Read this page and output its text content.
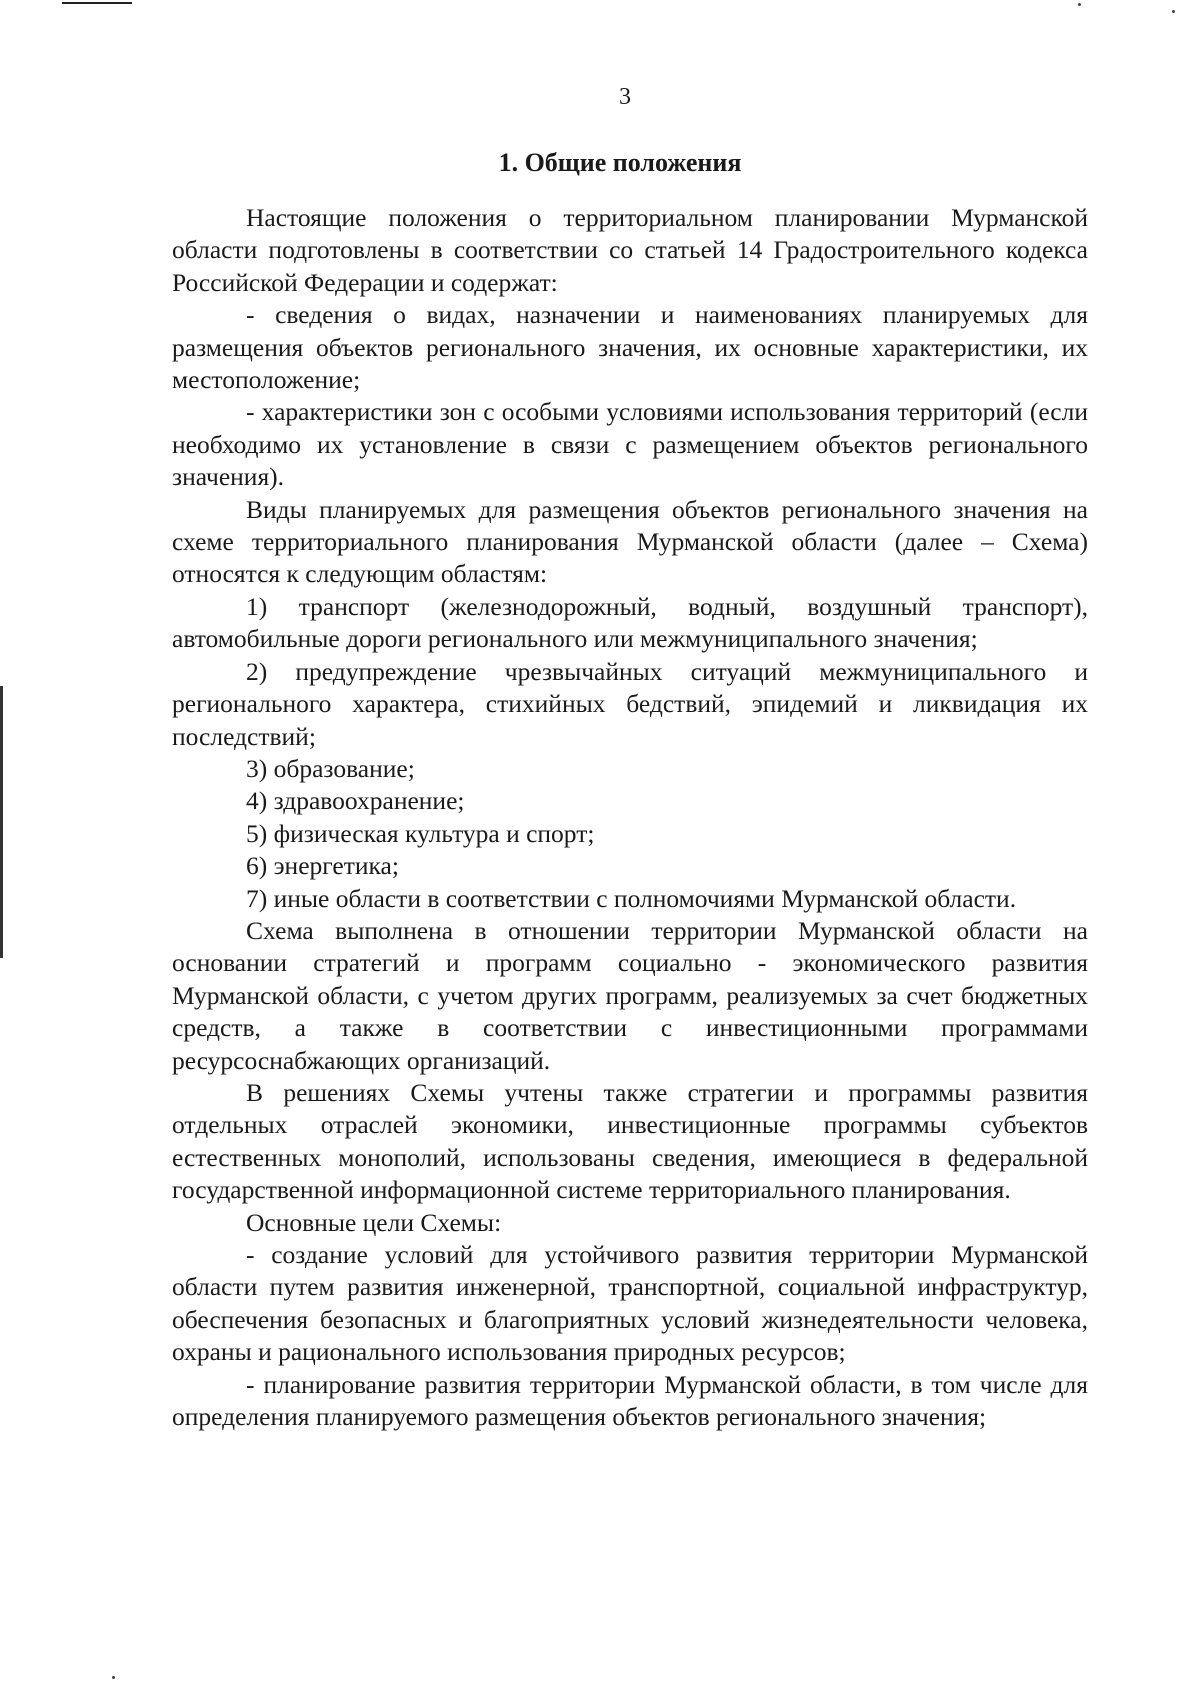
3
1. Общие положения

Настоящие положения о территориальном планировании Мурманской области подготовлены в соответствии со статьей 14 Градостроительного кодекса Российской Федерации и содержат:

- сведения о видах, назначении и наименованиях планируемых для размещения объектов регионального значения, их основные характеристики, их местоположение;

- характеристики зон с особыми условиями использования территорий (если необходимо их установление в связи с размещением объектов регионального значения).

Виды планируемых для размещения объектов регионального значения на схеме территориального планирования Мурманской области (далее – Схема) относятся к следующим областям:

1) транспорт (железнодорожный, водный, воздушный транспорт), автомобильные дороги регионального или межмуниципального значения;

2) предупреждение чрезвычайных ситуаций межмуниципального и регионального характера, стихийных бедствий, эпидемий и ликвидация их последствий;

3) образование;

4) здравоохранение;

5) физическая культура и спорт;

6) энергетика;

7) иные области в соответствии с полномочиями Мурманской области.

Схема выполнена в отношении территории Мурманской области на основании стратегий и программ социально - экономического развития Мурманской области, с учетом других программ, реализуемых за счет бюджетных средств, а также в соответствии с инвестиционными программами ресурсоснабжающих организаций.

В решениях Схемы учтены также стратегии и программы развития отдельных отраслей экономики, инвестиционные программы субъектов естественных монополий, использованы сведения, имеющиеся в федеральной государственной информационной системе территориального планирования.

Основные цели Схемы:

- создание условий для устойчивого развития территории Мурманской области путем развития инженерной, транспортной, социальной инфраструктур, обеспечения безопасных и благоприятных условий жизнедеятельности человека, охраны и рационального использования природных ресурсов;

- планирование развития территории Мурманской области, в том числе для определения планируемого размещения объектов регионального значения;
